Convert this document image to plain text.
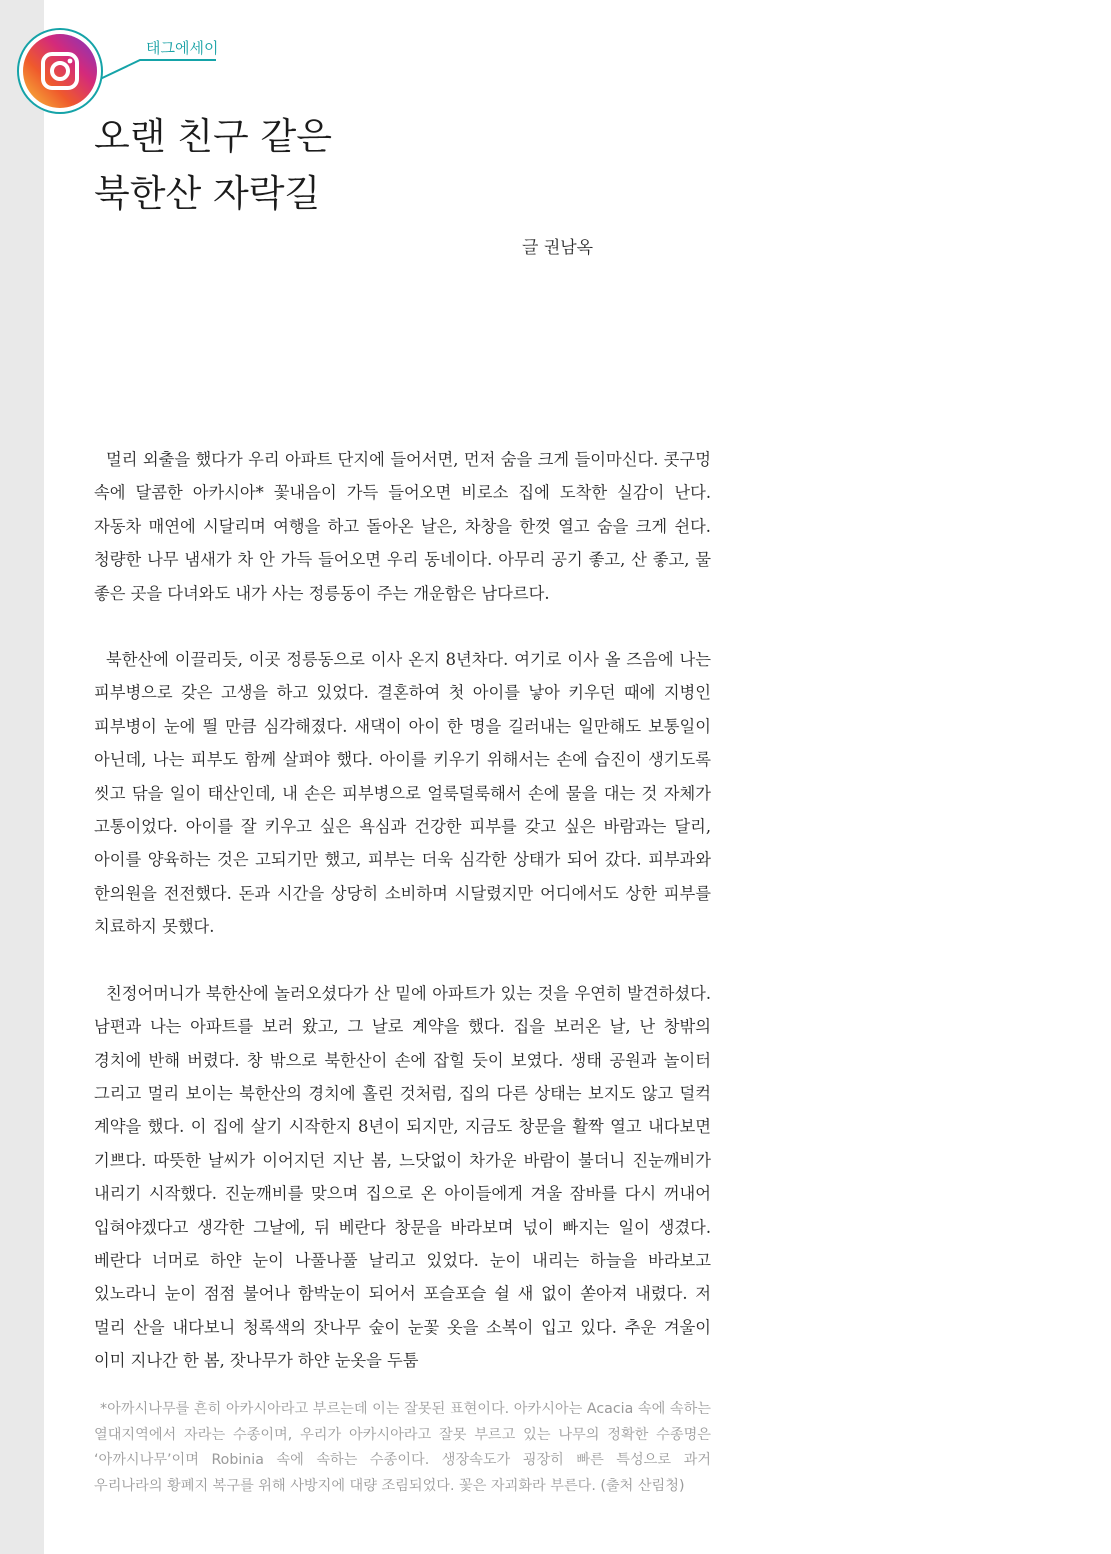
태그에세이
오랜 친구 같은
북한산 자락길
글 권남옥

멀리 외출을 했다가 우리 아파트 단지에 들어서면, 먼저 숨을 크게 들이마신다. 콧구멍 속에 달콤한 아카시아* 꽃내음이 가득 들어오면 비로소 집에 도착한 실감이 난다. 자동차 매연에 시달리며 여행을 하고 돌아온 날은, 차창을 한껏 열고 숨을 크게 쉰다. 청량한 나무 냄새가 차 안 가득 들어오면 우리 동네이다. 아무리 공기 좋고, 산 좋고, 물 좋은 곳을 다녀와도 내가 사는 정릉동이 주는 개운함은 남다르다.

북한산에 이끌리듯, 이곳 정릉동으로 이사 온지 8년차다. 여기로 이사 올 즈음에 나는 피부병으로 갖은 고생을 하고 있었다. 결혼하여 첫 아이를 낳아 키우던 때에 지병인 피부병이 눈에 띌 만큼 심각해졌다. 새댁이 아이 한 명을 길러내는 일만해도 보통일이 아닌데, 나는 피부도 함께 살펴야 했다. 아이를 키우기 위해서는 손에 습진이 생기도록 씻고 닦을 일이 태산인데, 내 손은 피부병으로 얼룩덜룩해서 손에 물을 대는 것 자체가 고통이었다. 아이를 잘 키우고 싶은 욕심과 건강한 피부를 갖고 싶은 바람과는 달리, 아이를 양육하는 것은 고되기만 했고, 피부는 더욱 심각한 상태가 되어 갔다. 피부과와 한의원을 전전했다. 돈과 시간을 상당히 소비하며 시달렸지만 어디에서도 상한 피부를 치료하지 못했다.

친정어머니가 북한산에 놀러오셨다가 산 밑에 아파트가 있는 것을 우연히 발견하셨다. 남편과 나는 아파트를 보러 왔고, 그 날로 계약을 했다. 집을 보러온 날, 난 창밖의 경치에 반해 버렸다. 창 밖으로 북한산이 손에 잡힐 듯이 보였다. 생태 공원과 놀이터 그리고 멀리 보이는 북한산의 경치에 홀린 것처럼, 집의 다른 상태는 보지도 않고 덜컥 계약을 했다. 이 집에 살기 시작한지 8년이 되지만, 지금도 창문을 활짝 열고 내다보면 기쁘다. 따뜻한 날씨가 이어지던 지난 봄, 느닷없이 차가운 바람이 불더니 진눈깨비가 내리기 시작했다. 진눈깨비를 맞으며 집으로 온 아이들에게 겨울 잠바를 다시 꺼내어 입혀야겠다고 생각한 그날에, 뒤 베란다 창문을 바라보며 넋이 빠지는 일이 생겼다. 베란다 너머로 하얀 눈이 나풀나풀 날리고 있었다. 눈이 내리는 하늘을 바라보고 있노라니 눈이 점점 불어나 함박눈이 되어서 포슬포슬 쉴 새 없이 쏟아져 내렸다. 저 멀리 산을 내다보니 청록색의 잣나무 숲이 눈꽃 옷을 소복이 입고 있다. 추운 겨울이 이미 지나간 한 봄, 잣나무가 하얀 눈옷을 두툼

*아까시나무를 흔히 아카시아라고 부르는데 이는 잘못된 표현이다. 아카시아는 Acacia 속에 속하는 열대지역에서 자라는 수종이며, 우리가 아카시아라고 잘못 부르고 있는 나무의 정확한 수종명은 ‘아까시나무’이며 Robinia 속에 속하는 수종이다. 생장속도가 굉장히 빠른 특성으로 과거 우리나라의 황폐지 복구를 위해 사방지에 대량 조림되었다. 꽃은 자괴화라 부른다. (출처 산림청)
